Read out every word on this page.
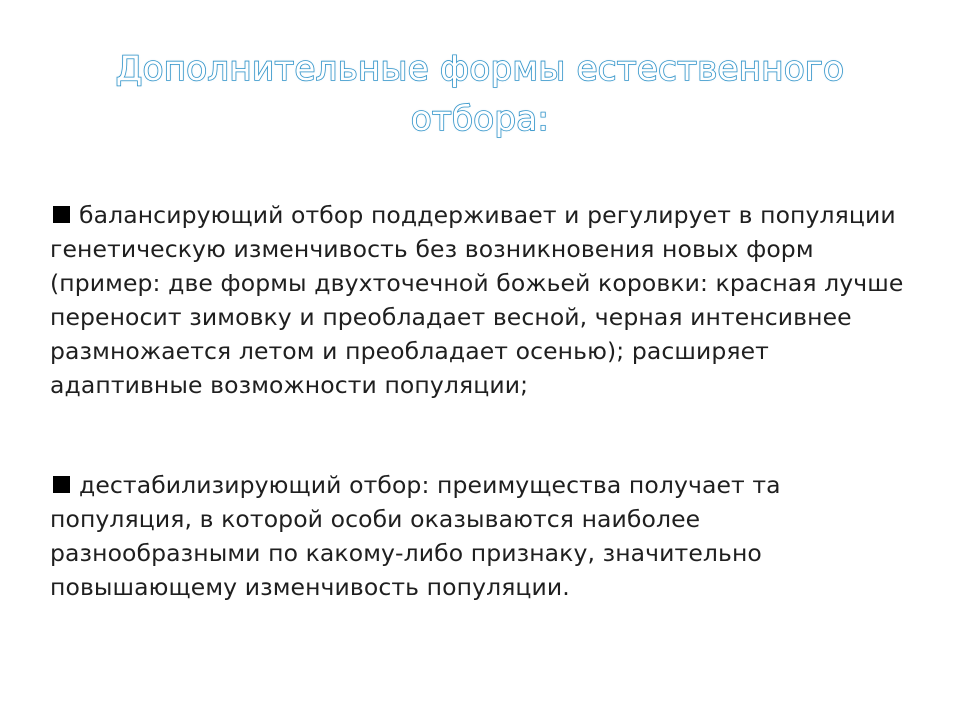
Дополнительные формы естественного отбора:

балансирующий отбор поддерживает и регулирует в популяции генетическую изменчивость без возникновения новых форм (пример: две формы двухточечной божьей коровки: красная лучше переносит зимовку и преобладает весной, черная интенсивнее размножается летом и преобладает осенью); расширяет адаптивные возможности популяции;

дестабилизирующий отбор: преимущества получает та популяция, в которой особи оказываются наиболее разнообразными по какому-либо признаку, значительно повышающему изменчивость популяции.
